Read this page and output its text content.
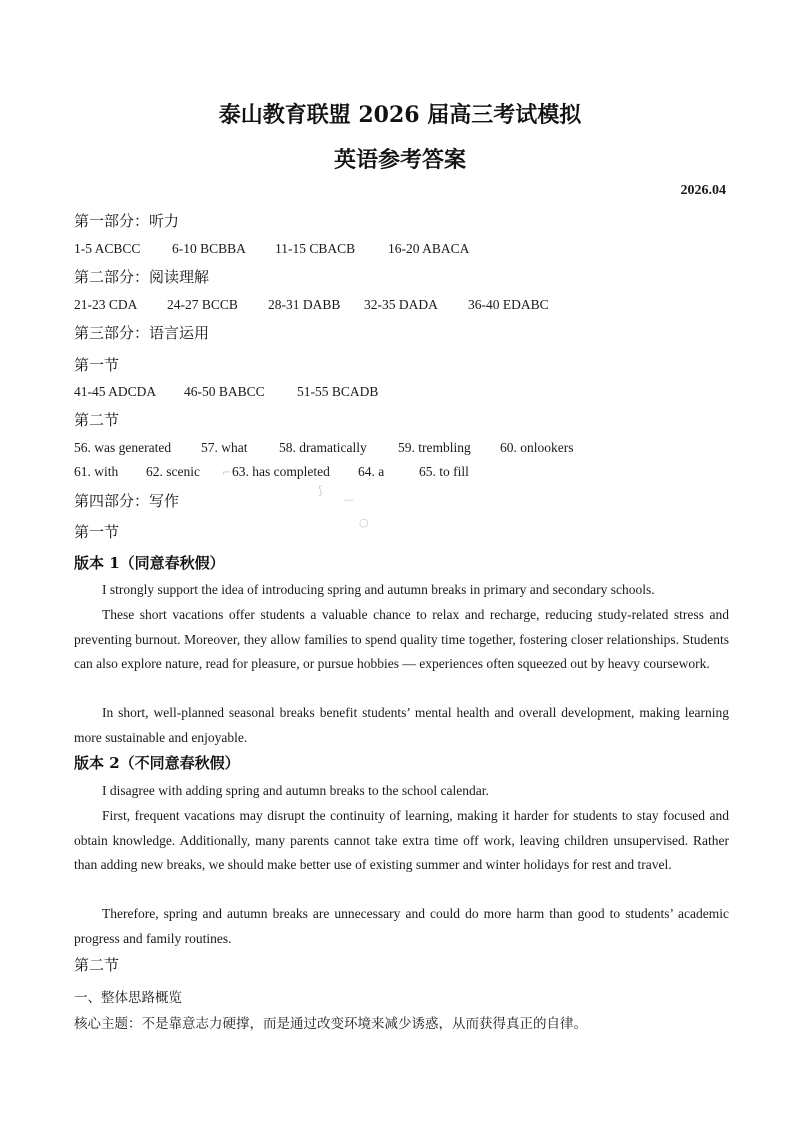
泰山教育联盟 2026 届高三考试模拟
英语参考答案
2026.04
第一部分：听力
1-5 ACBCC 6-10 BCBBA 11-15 CBACB 16-20 ABACA
第二部分：阅读理解
21-23 CDA 24-27 BCCB 28-31 DABB 32-35 DADA 36-40 EDABC
第三部分：语言运用
第一节
41-45 ADCDA 46-50 BABCC 51-55 BCADB
第二节
56. was generated 57. what 58. dramatically 59. trembling 60. onlookers
61. with 62. scenic 63. has completed 64. a	65. to fill
⌐
⟆
—
○
第四部分：写作
第一节
版本 1（同意春秋假）

I strongly support the idea of introducing spring and autumn breaks in primary and secondary schools.

These short vacations offer students a valuable chance to relax and recharge, reducing study-related stress and preventing burnout. Moreover, they allow families to spend quality time together, fostering closer relationships. Students can also explore nature, read for pleasure, or pursue hobbies — experiences often squeezed out by heavy coursework.

In short, well-planned seasonal breaks benefit students’ mental health and overall development, making learning more sustainable and enjoyable.

版本 2（不同意春秋假）

I disagree with adding spring and autumn breaks to the school calendar.

First, frequent vacations may disrupt the continuity of learning, making it harder for students to stay focused and obtain knowledge. Additionally, many parents cannot take extra time off work, leaving children unsupervised. Rather than adding new breaks, we should make better use of existing summer and winter holidays for rest and travel.

Therefore, spring and autumn breaks are unnecessary and could do more harm than good to students’ academic progress and family routines.

第二节
一、整体思路概览
核心主题：不是靠意志力硬撑，而是通过改变环境来减少诱惑，从而获得真正的自律。
